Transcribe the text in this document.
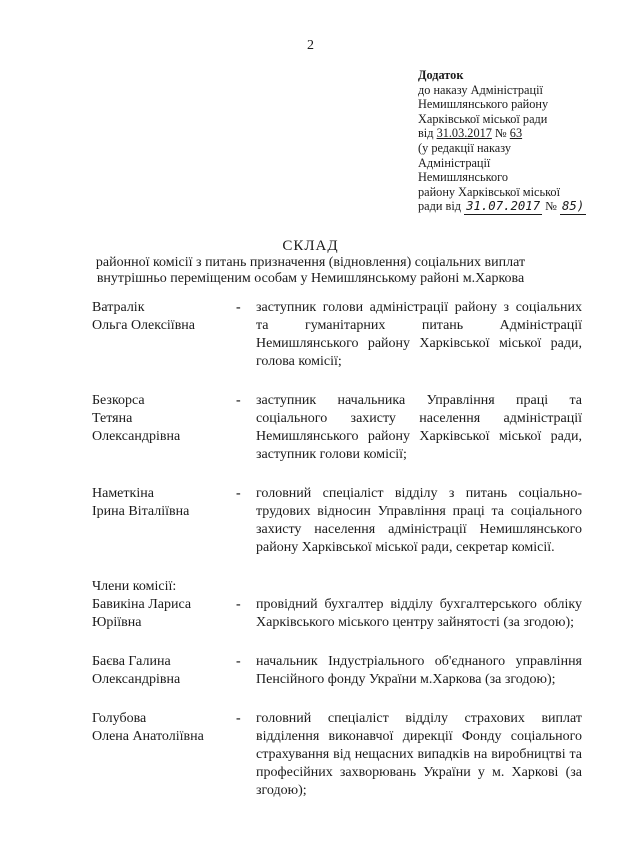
2
Додаток
до наказу Адміністрації
Немишлянського району
Харківської міської ради
від 31.03.2017 № 63
(у редакції наказу
Адміністрації
Немишлянського
району Харківської міської
ради від 31.07.2017 № 85)
СКЛАД
районної комісії з питань призначення (відновлення) соціальних виплат
внутрішньо переміщеним особам у Немишлянському районі м.Харкова
Ватралік
Ольга Олексіївна
-	заступник голови адміністрації району з соціальних та гуманітарних питань Адміністрації Немишлянського району Харківської міської ради, голова комісії;
Безкорса
Тетяна
Олександрівна
-	заступник начальника Управління праці та соціального захисту населення адміністрації Немишлянського району Харківської міської ради, заступник голови комісії;
Наметкіна
Ірина Віталіївна
-	головний спеціаліст відділу з питань соціально-трудових відносин Управління праці та соціального захисту населення адміністрації Немишлянського району Харківської міської ради, секретар комісії.
Члени комісії:
Бавикіна Лариса
Юріївна
-	провідний бухгалтер відділу бухгалтерського обліку Харківського міського центру зайнятості (за згодою);
Баєва Галина
Олександрівна
-	начальник Індустріального об'єднаного управління Пенсійного фонду України м.Харкова (за згодою);
Голубова
Олена Анатоліївна
-	головний спеціаліст відділу страхових виплат відділення виконавчої дирекції Фонду соціального страхування від нещасних випадків на виробництві та професійних захворювань України у м. Харкові (за згодою);
